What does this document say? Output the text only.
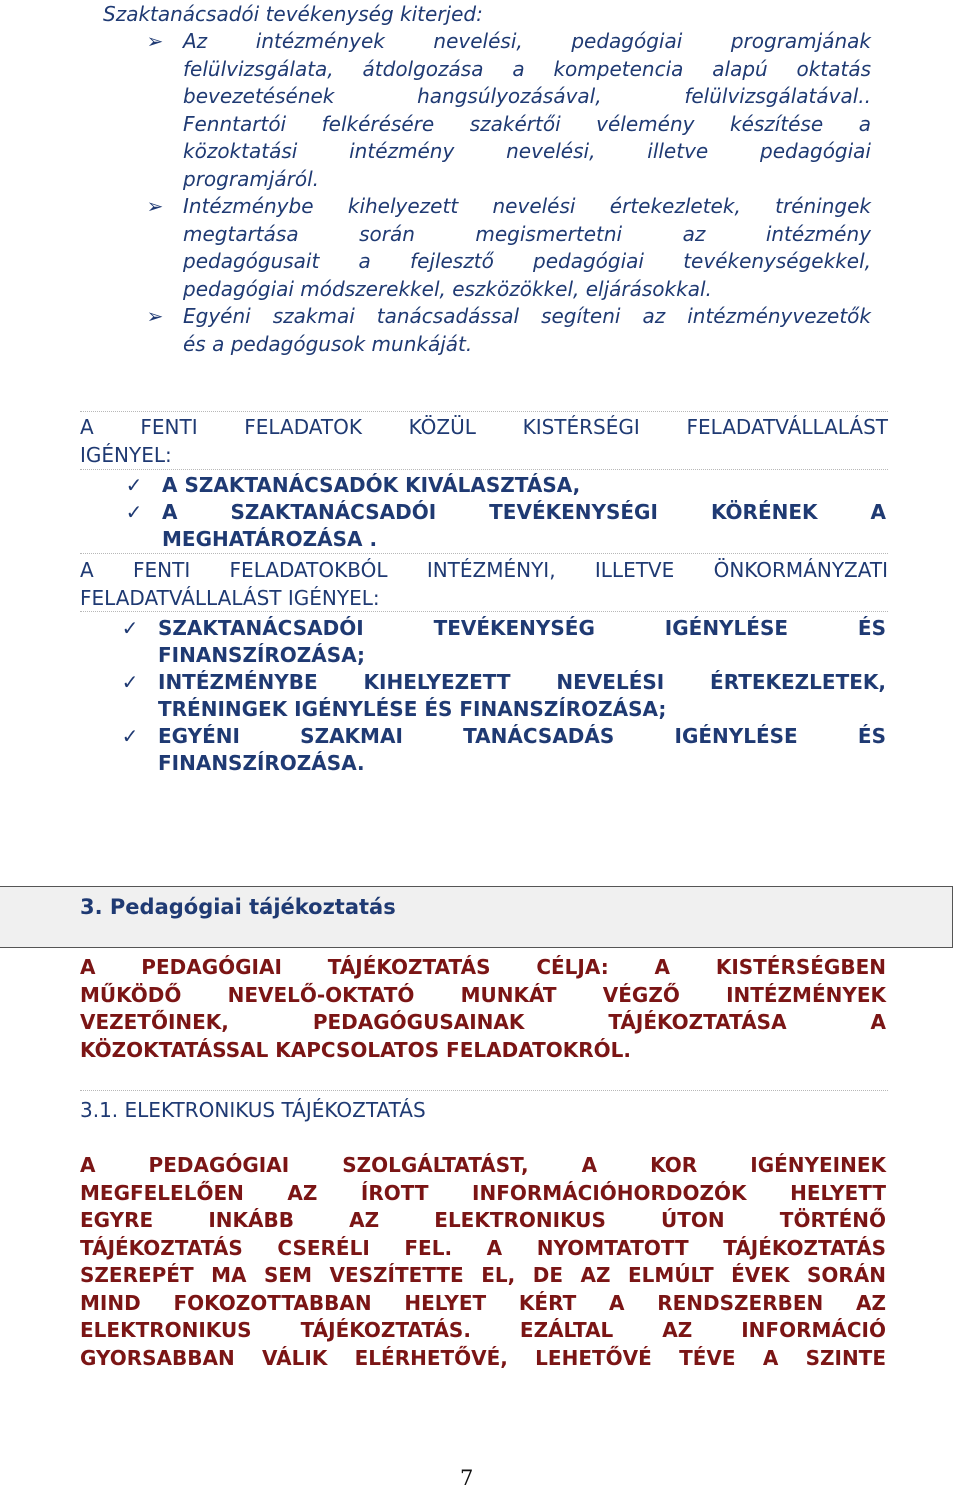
Szaktanácsadói tevékenység kiterjed:
➢ Az intézmények nevelési, pedagógiai programjának
felülvizsgálata, átdolgozása a kompetencia alapú oktatás
bevezetésének hangsúlyozásával, felülvizsgálatával..
Fenntartói felkérésére szakértői vélemény készítése a
közoktatási intézmény nevelési, illetve pedagógiai
programjáról.
➢ Intézménybe kihelyezett nevelési értekezletek, tréningek
megtartása során megismertetni az intézmény
pedagógusait a fejlesztő pedagógiai tevékenységekkel,
pedagógiai módszerekkel, eszközökkel, eljárásokkal.
➢ Egyéni szakmai tanácsadással segíteni az intézményvezetők
és a pedagógusok munkáját.
A FENTI FELADATOK KÖZÜL KISTÉRSÉGI FELADATVÁLLALÁST
IGÉNYEL:
✓ A SZAKTANÁCSADÓK KIVÁLASZTÁSA,
✓ A SZAKTANÁCSADÓI TEVÉKENYSÉGI KÖRÉNEK A
MEGHATÁROZÁSA .
A FENTI FELADATOKBÓL INTÉZMÉNYI, ILLETVE ÖNKORMÁNYZATI
FELADATVÁLLALÁST IGÉNYEL:
✓ SZAKTANÁCSADÓI TEVÉKENYSÉG IGÉNYLÉSE ÉS
FINANSZÍROZÁSA;
✓ INTÉZMÉNYBE KIHELYEZETT NEVELÉSI ÉRTEKEZLETEK,
TRÉNINGEK IGÉNYLÉSE ÉS FINANSZÍROZÁSA;
✓ EGYÉNI SZAKMAI TANÁCSADÁS IGÉNYLÉSE ÉS
FINANSZÍROZÁSA.
3. Pedagógiai tájékoztatás
A PEDAGÓGIAI TÁJÉKOZTATÁS CÉLJA: A KISTÉRSÉGBEN
MŰKÖDŐ NEVELŐ-OKTATÓ MUNKÁT VÉGZŐ INTÉZMÉNYEK
VEZETŐINEK, PEDAGÓGUSAINAK TÁJÉKOZTATÁSA A
KÖZOKTATÁSSAL KAPCSOLATOS FELADATOKRÓL.
3.1. ELEKTRONIKUS TÁJÉKOZTATÁS
A PEDAGÓGIAI SZOLGÁLTATÁST, A KOR IGÉNYEINEK
MEGFELELŐEN AZ ÍROTT INFORMÁCIÓHORDOZÓK HELYETT
EGYRE INKÁBB AZ ELEKTRONIKUS ÚTON TÖRTÉNŐ
TÁJÉKOZTATÁS CSERÉLI FEL. A NYOMTATOTT TÁJÉKOZTATÁS
SZEREPÉT MA SEM VESZÍTETTE EL, DE AZ ELMÚLT ÉVEK SORÁN
MIND FOKOZOTTABBAN HELYET KÉRT A RENDSZERBEN AZ
ELEKTRONIKUS TÁJÉKOZTATÁS. EZÁLTAL AZ INFORMÁCIÓ
GYORSABBAN VÁLIK ELÉRHETŐVÉ, LEHETŐVÉ TÉVE A SZINTE
7
